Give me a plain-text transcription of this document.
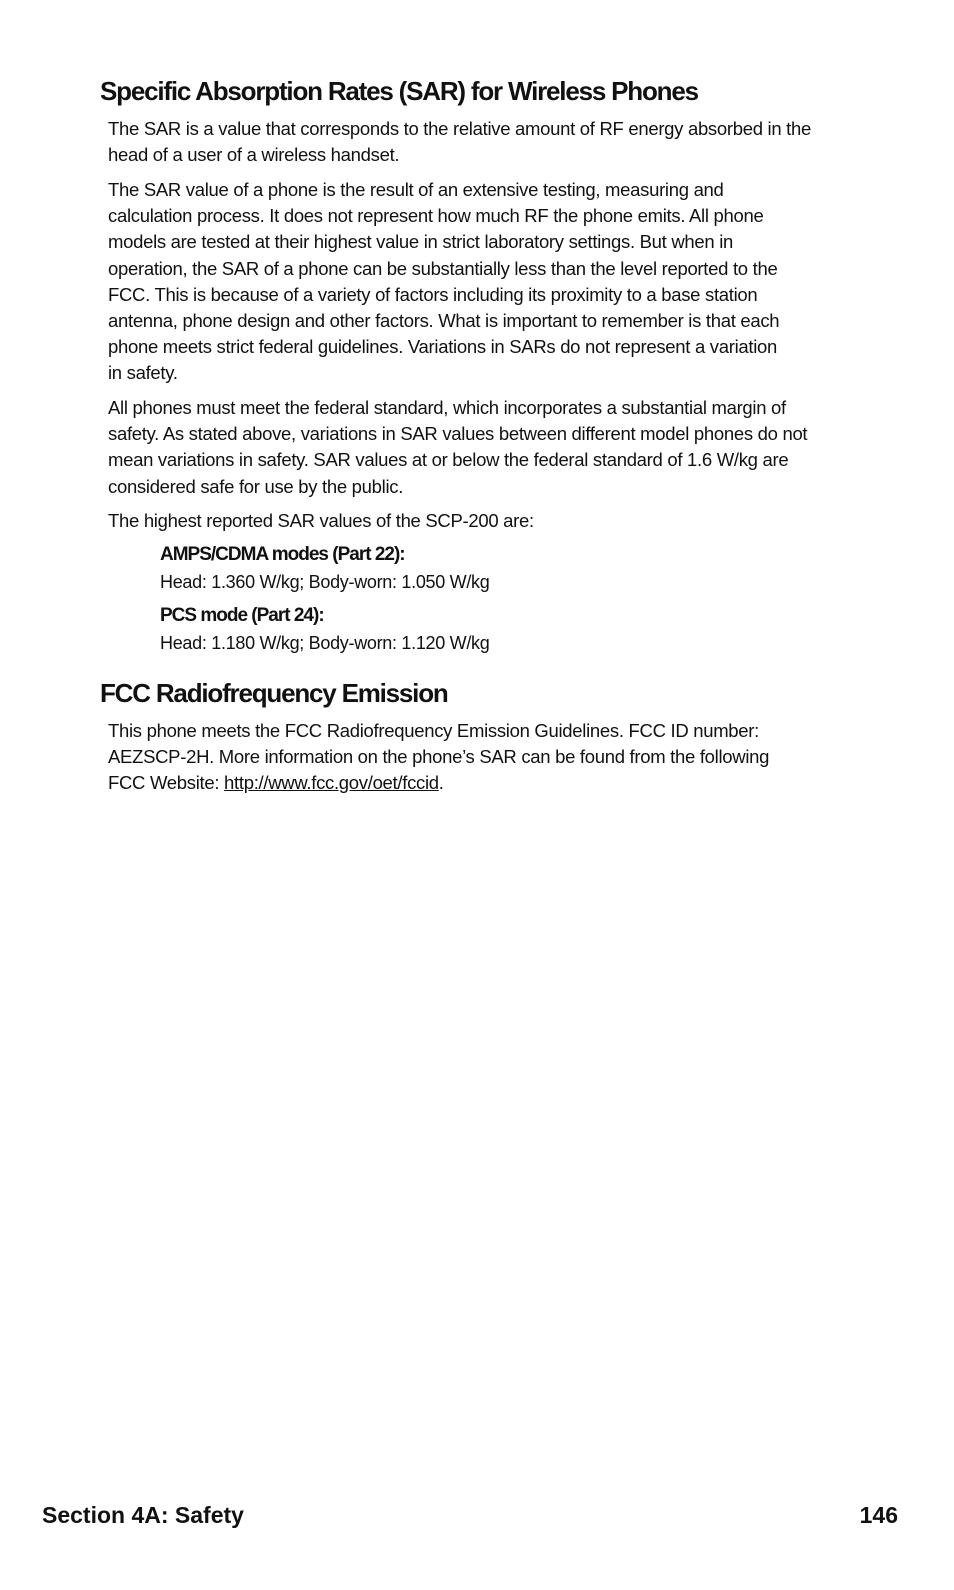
Specific Absorption Rates (SAR) for Wireless Phones

The SAR is a value that corresponds to the relative amount of RF energy absorbed in the
head of a user of a wireless handset.

The SAR value of a phone is the result of an extensive testing, measuring and
calculation process. It does not represent how much RF the phone emits. All phone
models are tested at their highest value in strict laboratory settings. But when in
operation, the SAR of a phone can be substantially less than the level reported to the
FCC. This is because of a variety of factors including its proximity to a base station
antenna, phone design and other factors. What is important to remember is that each
phone meets strict federal guidelines. Variations in SARs do not represent a variation
in safety.

All phones must meet the federal standard, which incorporates a substantial margin of
safety. As stated above, variations in SAR values between different model phones do not
mean variations in safety. SAR values at or below the federal standard of 1.6 W/kg are
considered safe for use by the public.

The highest reported SAR values of the SCP-200 are:

AMPS/CDMA modes (Part 22):

Head: 1.360 W/kg; Body-worn: 1.050 W/kg

PCS mode (Part 24):

Head: 1.180 W/kg; Body-worn: 1.120 W/kg

FCC Radiofrequency Emission

This phone meets the FCC Radiofrequency Emission Guidelines. FCC ID number:
AEZSCP-2H. More information on the phone’s SAR can be found from the following
FCC Website: http://www.fcc.gov/oet/fccid.

Section 4A: Safety	146
